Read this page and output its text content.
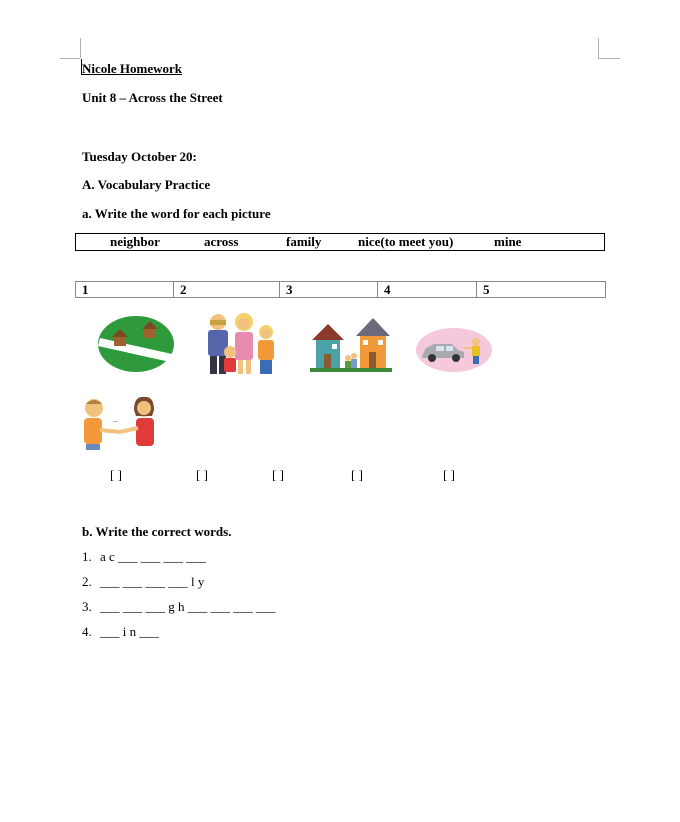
Nicole Homework
Unit 8 – Across the Street
Tuesday October 20:
A. Vocabulary Practice
a. Write the word for each picture
neighbor	across	family	nice(to meet you)	mine
1	2	3	4	5
~
[ ]	[ ]	[ ]	[ ]	[ ]
b. Write the correct words.
1. a c ___ ___ ___ ___
2. ___ ___ ___ ___ l y
3. ___ ___ ___ g h ___ ___ ___ ___
4. ___ i n ___
